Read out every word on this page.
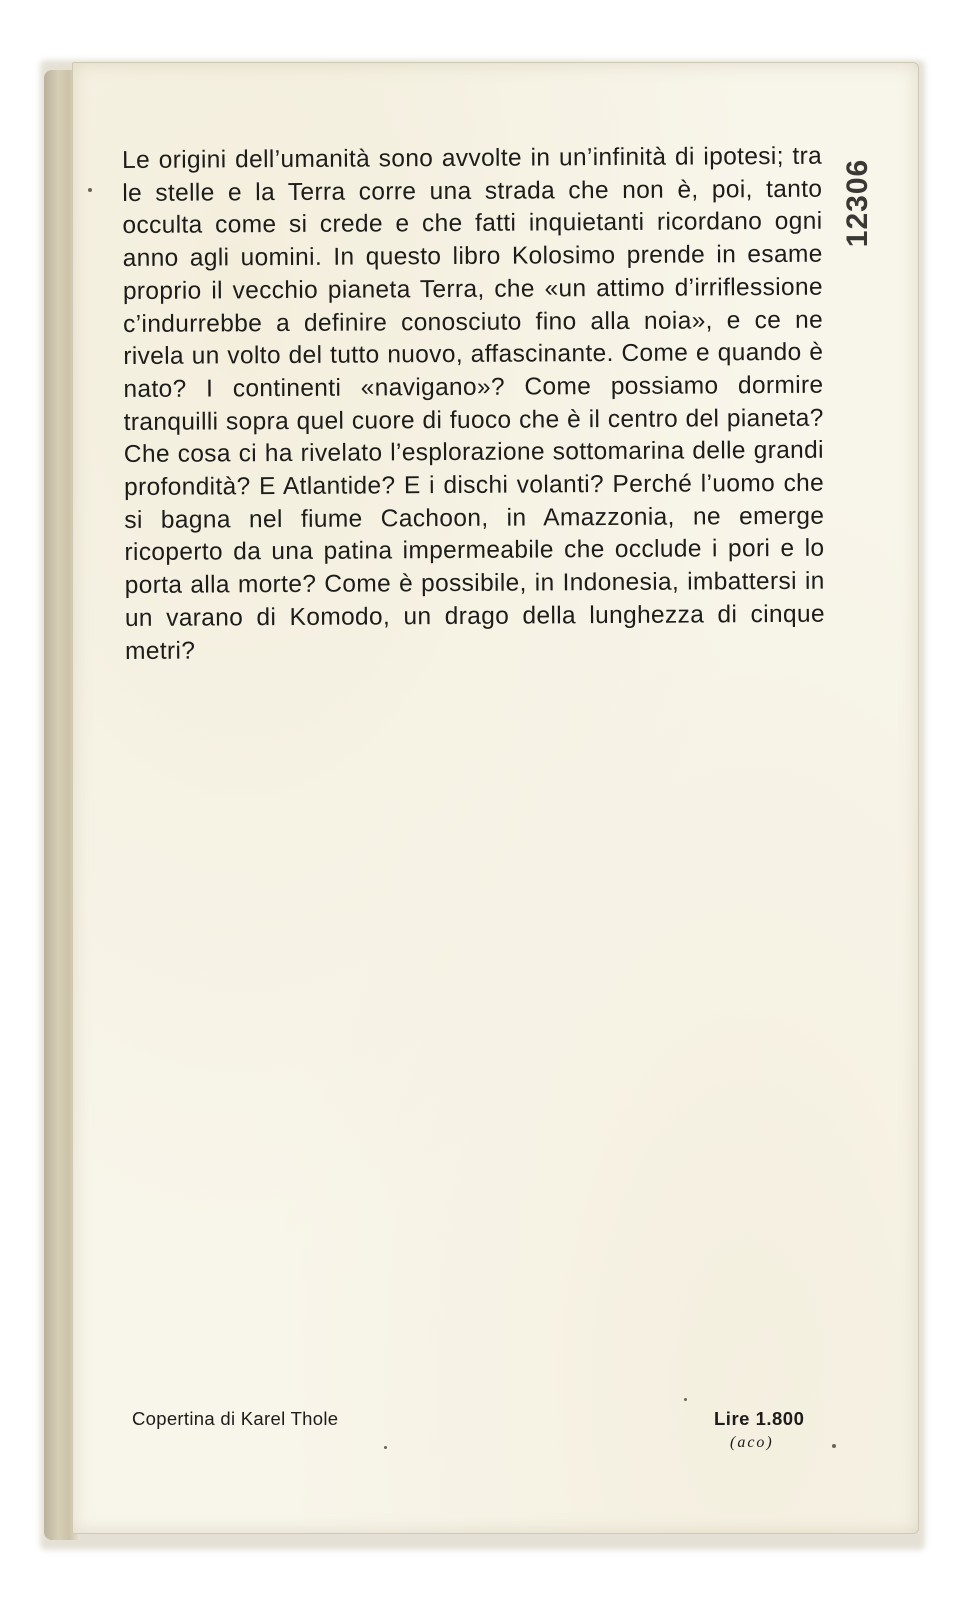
Le origini dell’umanità sono avvolte in un’infinità di ipotesi; tra le stelle e la Terra corre una strada che non è, poi, tanto occulta come si crede e che fatti inquietanti ricordano ogni anno agli uomini. In questo libro Kolosimo prende in esame proprio il vecchio pianeta Terra, che «un attimo d’irriflessione c’indurrebbe a definire conosciuto fino alla noia», e ce ne rivela un volto del tutto nuovo, affascinante. Come e quando è nato? I continenti «navigano»? Come possiamo dormire tranquilli sopra quel cuore di fuoco che è il centro del pianeta? Che cosa ci ha rivelato l’esplorazione sottomarina delle grandi profondità? E Atlantide? E i dischi volanti? Perché l’uomo che si bagna nel fiume Cachoon, in Amazzonia, ne emerge ricoperto da una patina impermeabile che occlude i pori e lo porta alla morte? Come è possibile, in Indonesia, imbattersi in un varano di Komodo, un drago della lunghezza di cinque metri?

12306
Copertina di Karel Thole	Lire 1.800
(aco)
